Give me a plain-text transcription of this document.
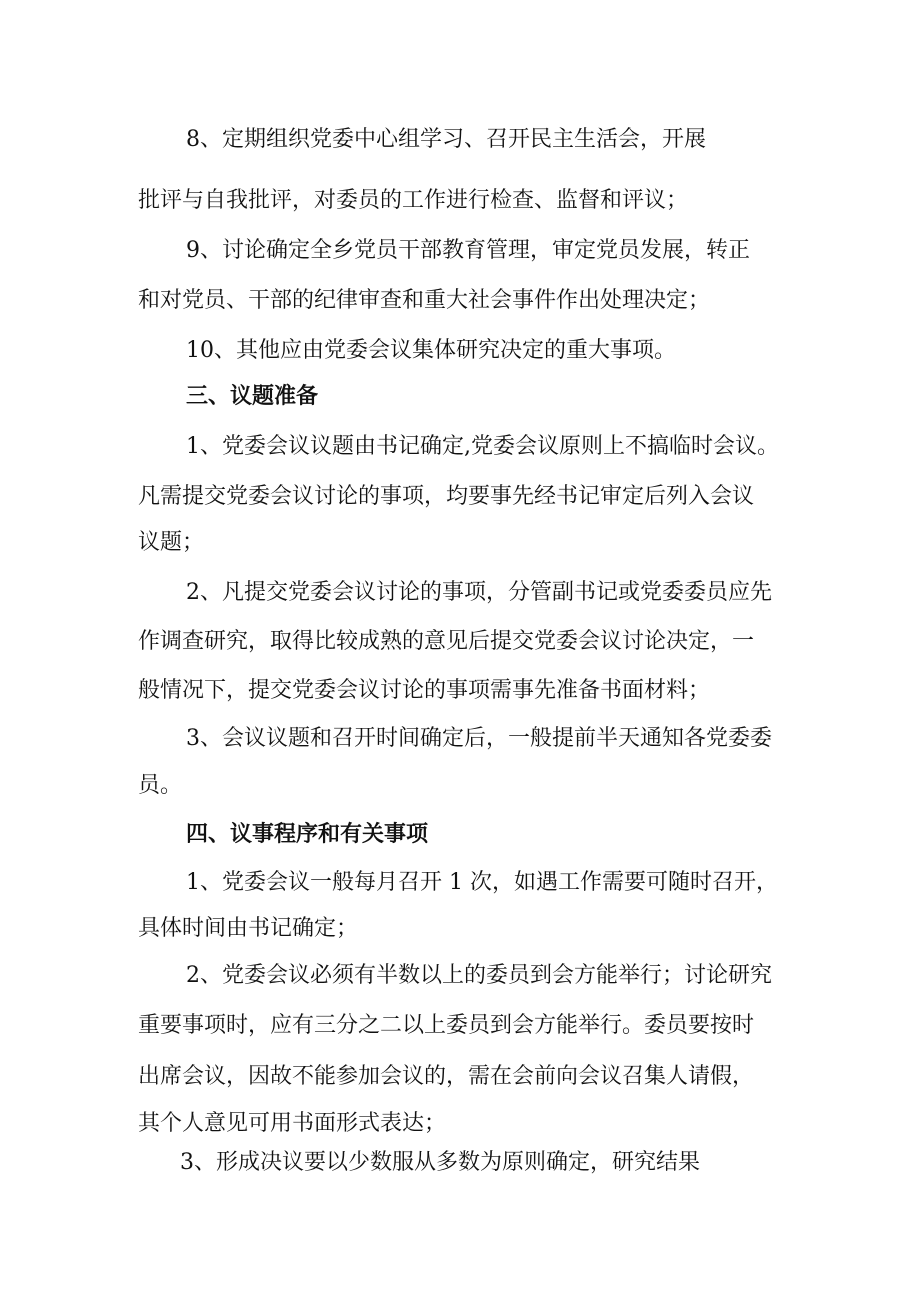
8、定期组织党委中心组学习、召开民主生活会，开展
批评与自我批评，对委员的工作进行检查、监督和评议；
9、讨论确定全乡党员干部教育管理，审定党员发展，转正
和对党员、干部的纪律审查和重大社会事件作出处理决定；
10、其他应由党委会议集体研究决定的重大事项。
三、议题准备
1、党委会议议题由书记确定,党委会议原则上不搞临时会议。
凡需提交党委会议讨论的事项，均要事先经书记审定后列入会议
议题；
2、凡提交党委会议讨论的事项，分管副书记或党委委员应先
作调查研究，取得比较成熟的意见后提交党委会议讨论决定，一
般情况下，提交党委会议讨论的事项需事先准备书面材料；
3、会议议题和召开时间确定后，一般提前半天通知各党委委
员。
四、议事程序和有关事项
1、党委会议一般每月召开 1 次，如遇工作需要可随时召开，
具体时间由书记确定；
2、党委会议必须有半数以上的委员到会方能举行；讨论研究
重要事项时，应有三分之二以上委员到会方能举行。委员要按时
出席会议，因故不能参加会议的，需在会前向会议召集人请假，
其个人意见可用书面形式表达；
3、形成决议要以少数服从多数为原则确定，研究结果
